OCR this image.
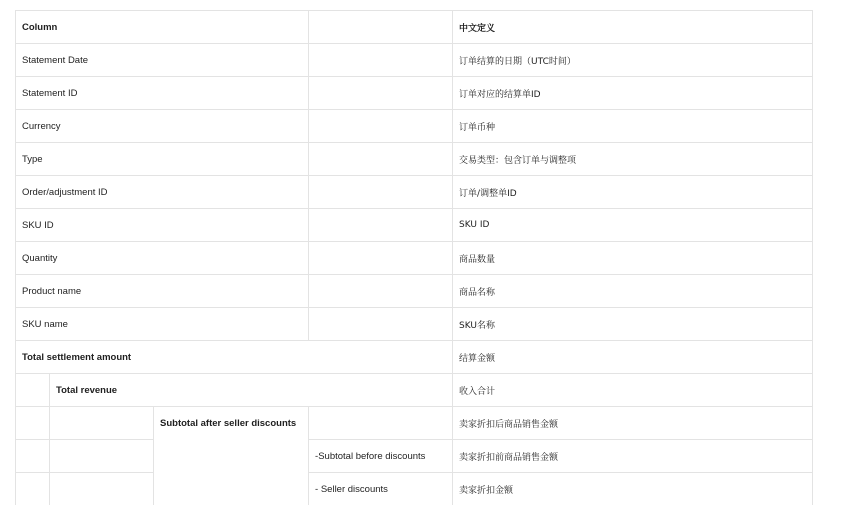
Column				中文定义
Statement Date				订单结算的日期（UTC时间）
Statement ID				订单对应的结算单ID
Currency				订单币种
Type				交易类型：包含订单与调整项
Order/adjustment ID				订单/调整单ID
SKU ID				SKU ID
Quantity				商品数量
Product name				商品名称
SKU name				SKU名称
Total settlement amount				结算金额
	Total revenue			收入合计
		Subtotal after seller discounts		卖家折扣后商品销售金额
			-Subtotal before discounts	卖家折扣前商品销售金额
			- Seller discounts	卖家折扣金额
